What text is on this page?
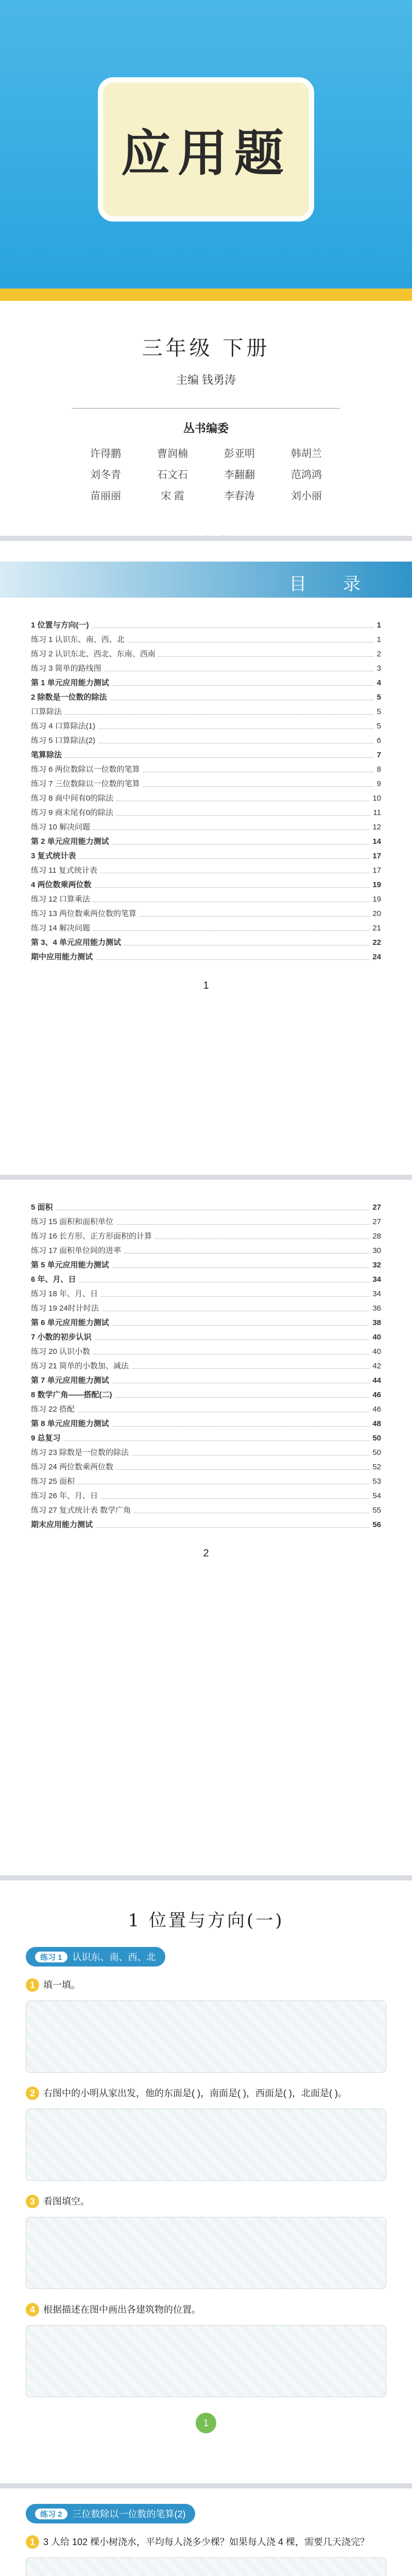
应用题
三年级 下册
主编 钱勇涛
丛书编委
许得鹏	曹润楠	彭亚明	韩胡兰
刘冬青	石文石	李翻翻	范鸿鸿
苗丽丽	宋 霞	李春涛	刘小丽
山东美术出版社
目 录
1 位置与方向(一)	1
练习 1 认识东、南、西、北	1
练习 2 认识东北、西北、东南、西南	2
练习 3 简单的路线图	3
第 1 单元应用能力测试	4
2 除数是一位数的除法	5
口算除法	5
练习 4 口算除法(1)	5
练习 5 口算除法(2)	6
笔算除法	7
练习 6 两位数除以一位数的笔算	8
练习 7 三位数除以一位数的笔算	9
练习 8 商中间有0的除法	10
练习 9 商末尾有0的除法	11
练习 10 解决问题	12
第 2 单元应用能力测试	14
3 复式统计表	17
练习 11 复式统计表	17
4 两位数乘两位数	19
练习 12 口算乘法	19
练习 13 两位数乘两位数的笔算	20
练习 14 解决问题	21
第 3、4 单元应用能力测试	22
期中应用能力测试	24
1
5 面积	27
练习 15 面积和面积单位	27
练习 16 长方形、正方形面积的计算	28
练习 17 面积单位间的进率	30
第 5 单元应用能力测试	32
6 年、月、日	34
练习 18 年、月、日	34
练习 19 24时计时法	36
第 6 单元应用能力测试	38
7 小数的初步认识	40
练习 20 认识小数	40
练习 21 简单的小数加、减法	42
第 7 单元应用能力测试	44
8 数学广角——搭配(二)	46
练习 22 搭配	46
第 8 单元应用能力测试	48
9 总复习	50
练习 23 除数是一位数的除法	50
练习 24 两位数乘两位数	52
练习 25 面积	53
练习 26 年、月、日	54
练习 27 复式统计表 数学广角	55
期末应用能力测试	56
2
1 位置与方向(一)
练习 1	认识东、南、西、北
1 填一填。
2 右图中的小明从家出发，他的东面是( )，南面是( )，西面是( )，北面是( )。
3 看图填空。
4 根据描述在图中画出各建筑物的位置。
1
练习 2	三位数除以一位数的笔算(2)
1 3 人给 102 棵小树浇水，平均每人浇多少棵？如果每人浇 4 棵，需要几天浇完？
